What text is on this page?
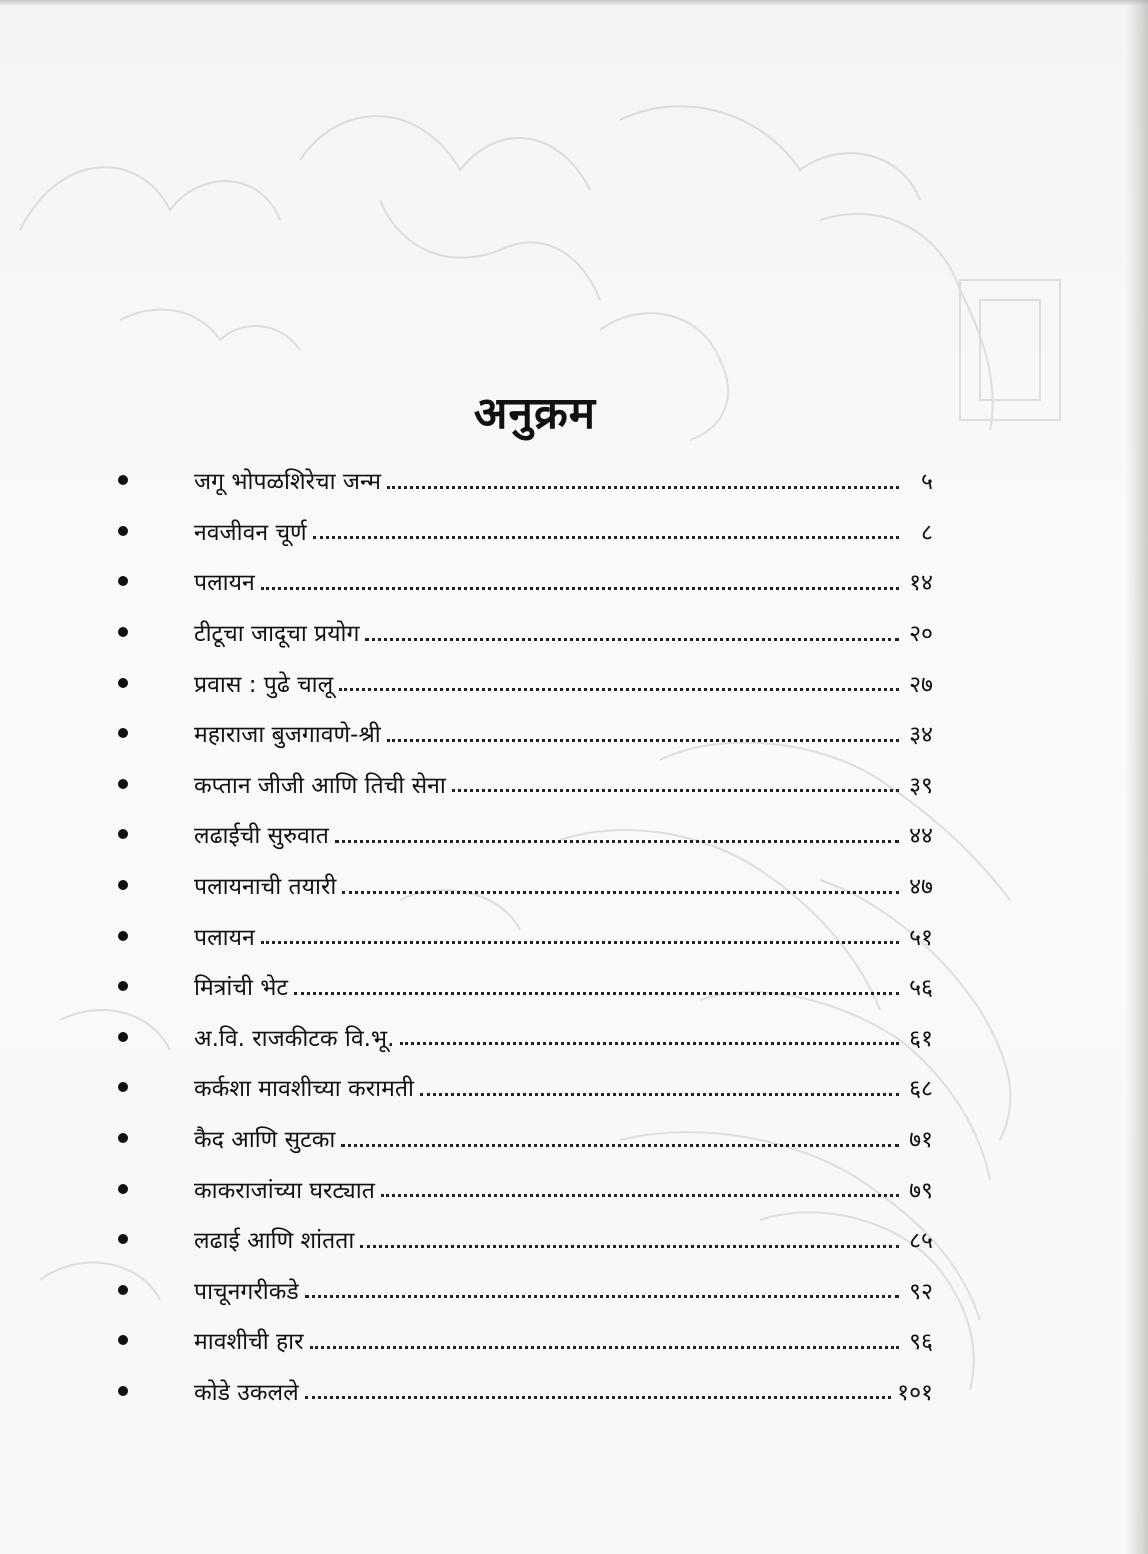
अनुक्रम
जगू भोपळशिरेचा जन्म	५
नवजीवन चूर्ण	८
पलायन	१४
टीटूचा जादूचा प्रयोग	२०
प्रवास : पुढे चालू	२७
महाराजा बुजगावणे-श्री	३४
कप्तान जीजी आणि तिची सेना	३९
लढाईची सुरुवात	४४
पलायनाची तयारी	४७
पलायन	५१
मित्रांची भेट	५६
अ.वि. राजकीटक वि.भू.	६१
कर्कशा मावशीच्या करामती	६८
कैद आणि सुटका	७१
काकराजांच्या घरट्यात	७९
लढाई आणि शांतता	८५
पाचूनगरीकडे	९२
मावशीची हार	९६
कोडे उकलले	१०१
